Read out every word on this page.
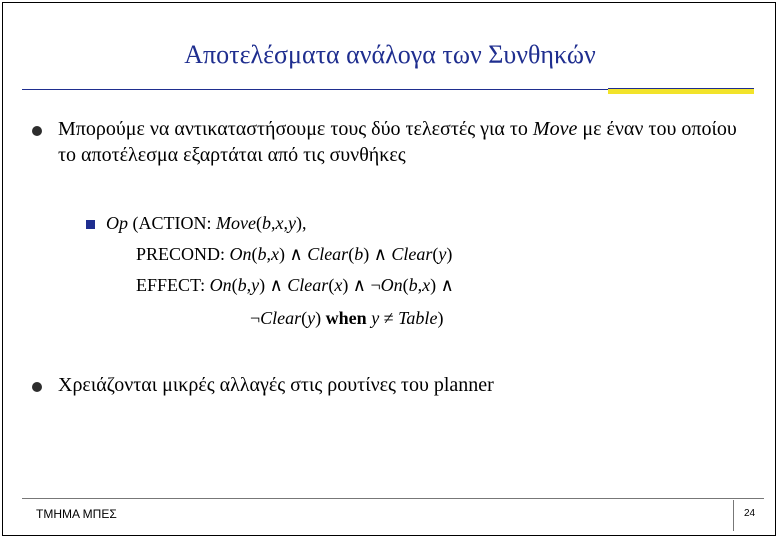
Αποτελέσματα ανάλογα των Συνθηκών
Μπορούμε να αντικαταστήσουμε τους δύο τελεστές για το Move με έναν του οποίου το αποτέλεσμα εξαρτάται από τις συνθήκες
Op (ACTION: Move(b,x,y),
PRECOND: On(b,x) ∧ Clear(b) ∧ Clear(y)
EFFECT: On(b,y) ∧ Clear(x) ∧ ¬On(b,x) ∧
¬Clear(y) when y ≠ Table)
Χρειάζονται μικρές αλλαγές στις ρουτίνες του planner
ΤΜΗΜΑ ΜΠΕΣ	24
